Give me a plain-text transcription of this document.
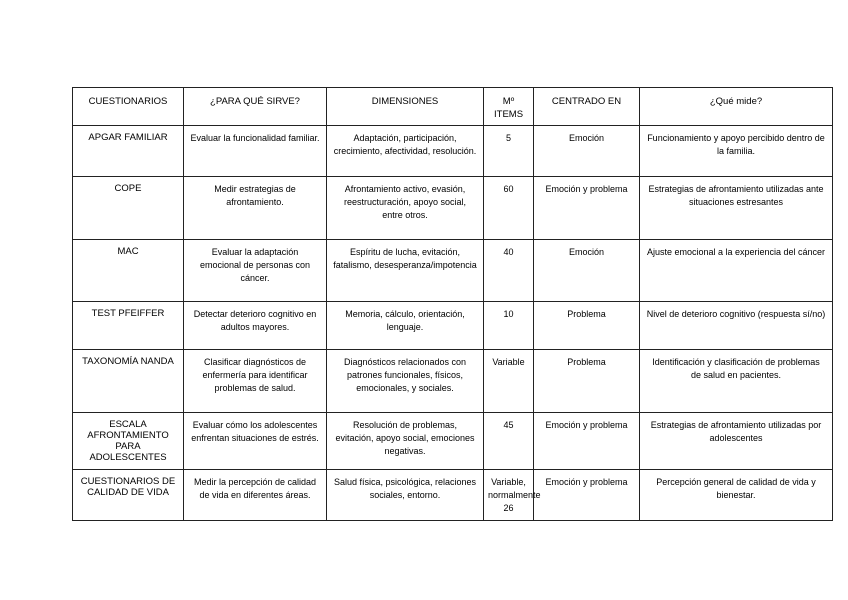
CUESTIONARIOS	¿PARA QUÉ SIRVE?	DIMENSIONES	Mº ITEMS	CENTRADO EN	¿Qué mide?
APGAR FAMILIAR	Evaluar la funcionalidad familiar.	Adaptación, participación, crecimiento, afectividad, resolución.	5	Emoción	Funcionamiento y apoyo percibido dentro de la familia.
COPE	Medir estrategias de afrontamiento.	Afrontamiento activo, evasión, reestructuración, apoyo social, entre otros.	60	Emoción y problema	Estrategias de afrontamiento utilizadas ante situaciones estresantes
MAC	Evaluar la adaptación emocional de personas con cáncer.	Espíritu de lucha, evitación, fatalismo, desesperanza/impotencia	40	Emoción	Ajuste emocional a la experiencia del cáncer
TEST PFEIFFER	Detectar deterioro cognitivo en adultos mayores.	Memoria, cálculo, orientación, lenguaje.	10	Problema	Nivel de deterioro cognitivo (respuesta sí/no)
TAXONOMÍA NANDA	Clasificar diagnósticos de enfermería para identificar problemas de salud.	Diagnósticos relacionados con patrones funcionales, físicos, emocionales, y sociales.	Variable	Problema	Identificación y clasificación de problemas de salud en pacientes.
ESCALA AFRONTAMIENTO PARA ADOLESCENTES	Evaluar cómo los adolescentes enfrentan situaciones de estrés.	Resolución de problemas, evitación, apoyo social, emociones negativas.	45	Emoción y problema	Estrategias de afrontamiento utilizadas por adolescentes
CUESTIONARIOS DE CALIDAD DE VIDA	Medir la percepción de calidad de vida en diferentes áreas.	Salud física, psicológica, relaciones sociales, entorno.	Variable, normalmente 26	Emoción y problema	Percepción general de calidad de vida y bienestar.
